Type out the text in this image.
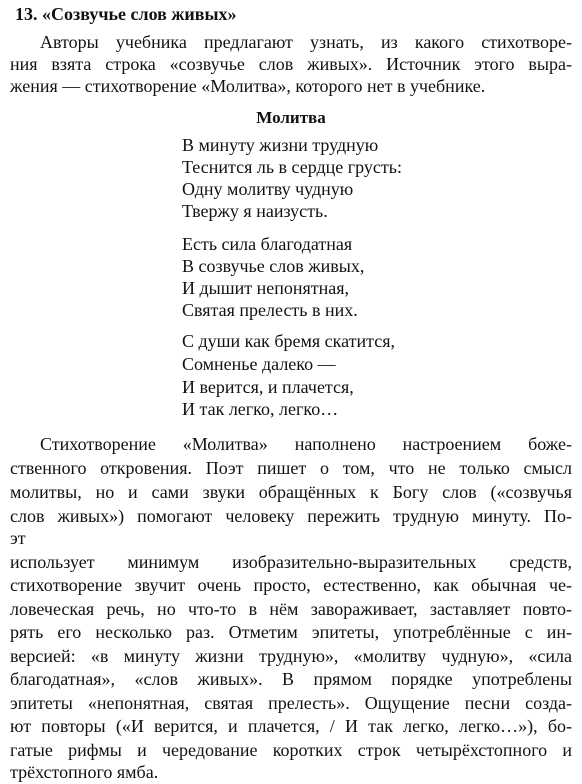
13. «Созвучье слов живых»
Авторы учебника предлагают узнать, из какого стихотворе-
ния взята строка «созвучье слов живых». Источник этого выра-
жения — стихотворение «Молитва», которого нет в учебнике.
Молитва
В минуту жизни трудную
Теснится ль в сердце грусть:
Одну молитву чудную
Твержу я наизусть.
Есть сила благодатная
В созвучье слов живых,
И дышит непонятная,
Святая прелесть в них.
С души как бремя скатится,
Сомненье далеко —
И верится, и плачется,
И так легко, легко…
Стихотворение «Молитва» наполнено настроением боже-
ственного откровения. Поэт пишет о том, что не только смысл
молитвы, но и сами звуки обращённых к Богу слов («созвучья
слов живых») помогают человеку пережить трудную минуту. По-
эт
использует минимум изобразительно-выразительных средств,
стихотворение звучит очень просто, естественно, как обычная че-
ловеческая речь, но что-то в нём завораживает, заставляет повто-
рять его несколько раз. Отметим эпитеты, употреблённые с ин-
версией: «в минуту жизни трудную», «молитву чудную», «сила
благодатная», «слов живых». В прямом порядке употреблены
эпитеты «непонятная, святая прелесть». Ощущение песни созда-
ют повторы («И верится, и плачется, / И так легко, легко…»), бо-
гатые рифмы и чередование коротких строк четырёхстопного и
трёхстопного ямба.
